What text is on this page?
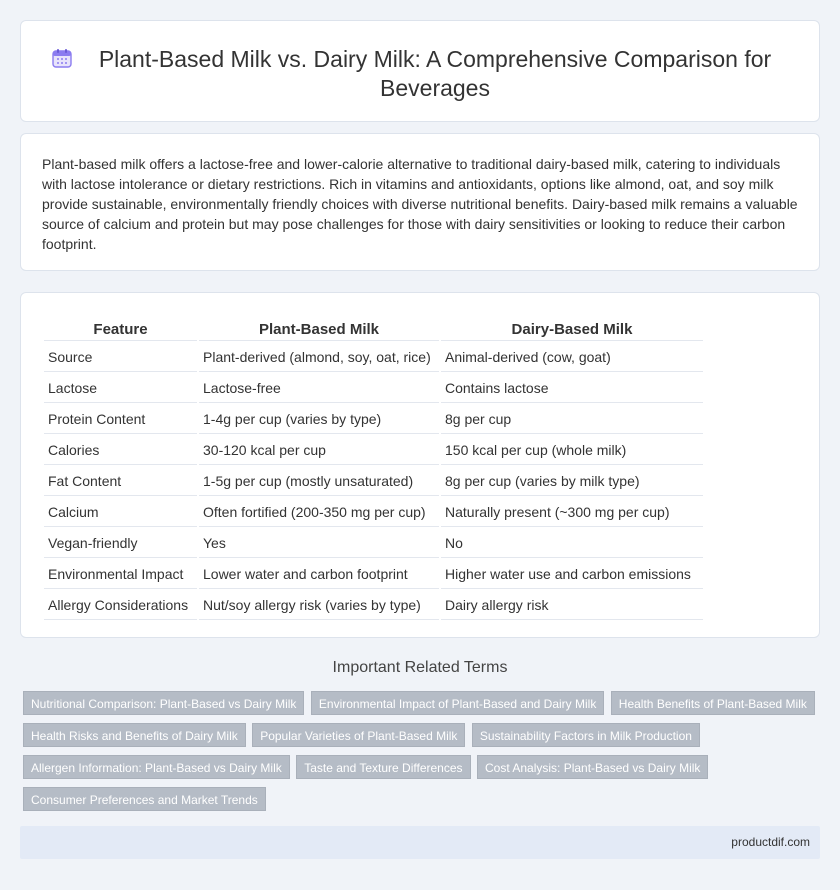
Plant-Based Milk vs. Dairy Milk: A Comprehensive Comparison for Beverages

Plant-based milk offers a lactose-free and lower-calorie alternative to traditional dairy-based milk, catering to individuals with lactose intolerance or dietary restrictions. Rich in vitamins and antioxidants, options like almond, oat, and soy milk provide sustainable, environmentally friendly choices with diverse nutritional benefits. Dairy-based milk remains a valuable source of calcium and protein but may pose challenges for those with dairy sensitivities or looking to reduce their carbon footprint.

Feature	Plant-Based Milk	Dairy-Based Milk
Source	Plant-derived (almond, soy, oat, rice)	Animal-derived (cow, goat)
Lactose	Lactose-free	Contains lactose
Protein Content	1-4g per cup (varies by type)	8g per cup
Calories	30-120 kcal per cup	150 kcal per cup (whole milk)
Fat Content	1-5g per cup (mostly unsaturated)	8g per cup (varies by milk type)
Calcium	Often fortified (200-350 mg per cup)	Naturally present (~300 mg per cup)
Vegan-friendly	Yes	No
Environmental Impact	Lower water and carbon footprint	Higher water use and carbon emissions
Allergy Considerations	Nut/soy allergy risk (varies by type)	Dairy allergy risk
Important Related Terms
Nutritional Comparison: Plant-Based vs Dairy Milk Environmental Impact of Plant-Based and Dairy Milk Health Benefits of Plant-Based Milk Health Risks and Benefits of Dairy Milk Popular Varieties of Plant-Based Milk Sustainability Factors in Milk Production Allergen Information: Plant-Based vs Dairy Milk Taste and Texture Differences Cost Analysis: Plant-Based vs Dairy Milk Consumer Preferences and Market Trends
productdif.com
